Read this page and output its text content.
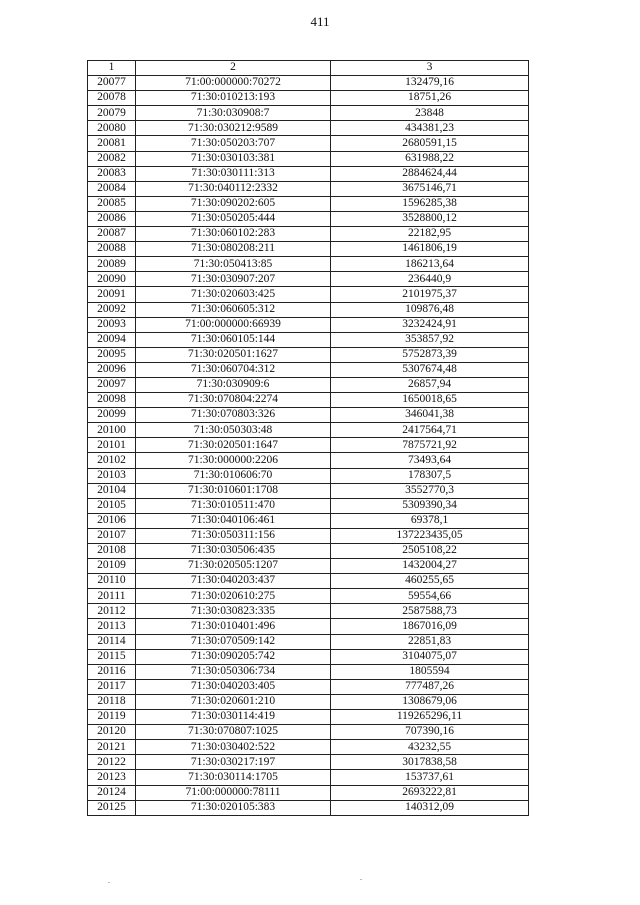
411
1	2	3
20077	71:00:000000:70272	132479,16
20078	71:30:010213:193	18751,26
20079	71:30:030908:7	23848
20080	71:30:030212:9589	434381,23
20081	71:30:050203:707	2680591,15
20082	71:30:030103:381	631988,22
20083	71:30:030111:313	2884624,44
20084	71:30:040112:2332	3675146,71
20085	71:30:090202:605	1596285,38
20086	71:30:050205:444	3528800,12
20087	71:30:060102:283	22182,95
20088	71:30:080208:211	1461806,19
20089	71:30:050413:85	186213,64
20090	71:30:030907:207	236440,9
20091	71:30:020603:425	2101975,37
20092	71:30:060605:312	109876,48
20093	71:00:000000:66939	3232424,91
20094	71:30:060105:144	353857,92
20095	71:30:020501:1627	5752873,39
20096	71:30:060704:312	5307674,48
20097	71:30:030909:6	26857,94
20098	71:30:070804:2274	1650018,65
20099	71:30:070803:326	346041,38
20100	71:30:050303:48	2417564,71
20101	71:30:020501:1647	7875721,92
20102	71:30:000000:2206	73493,64
20103	71:30:010606:70	178307,5
20104	71:30:010601:1708	3552770,3
20105	71:30:010511:470	5309390,34
20106	71:30:040106:461	69378,1
20107	71:30:050311:156	137223435,05
20108	71:30:030506:435	2505108,22
20109	71:30:020505:1207	1432004,27
20110	71:30:040203:437	460255,65
20111	71:30:020610:275	59554,66
20112	71:30:030823:335	2587588,73
20113	71:30:010401:496	1867016,09
20114	71:30:070509:142	22851,83
20115	71:30:090205:742	3104075,07
20116	71:30:050306:734	1805594
20117	71:30:040203:405	777487,26
20118	71:30:020601:210	1308679,06
20119	71:30:030114:419	119265296,11
20120	71:30:070807:1025	707390,16
20121	71:30:030402:522	43232,55
20122	71:30:030217:197	3017838,58
20123	71:30:030114:1705	153737,61
20124	71:00:000000:78111	2693222,81
20125	71:30:020105:383	140312,09
